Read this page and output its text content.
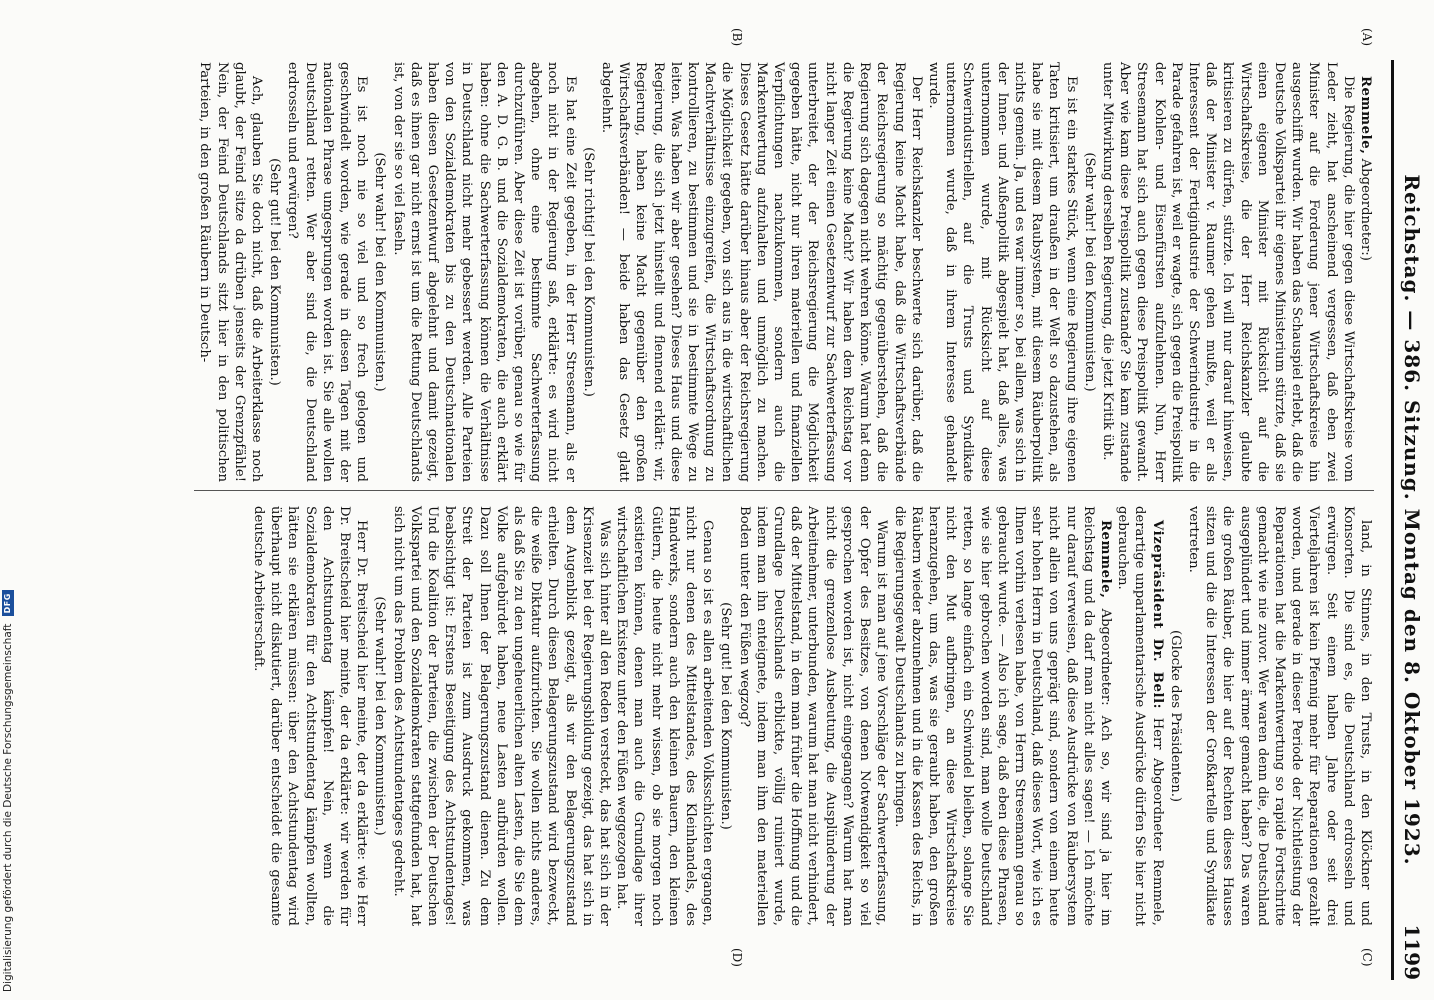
Reichstag. — 386. Sitzung. Montag den 8. Oktober 1923.
1199
(A)
(B)
(C)
(D)

Remmele, Abgeordneter:)

Die Regierung, die hier gegen diese Wirtschaftskreise vom Leder zieht, hat anscheinend vergessen, daß eben zwei Minister auf die Forderung jener Wirtschaftskreise hin ausgeschifft wurden. Wir haben das Schauspiel erlebt, daß die Deutsche Volkspartei ihr eigenes Ministerium stürzte, daß sie einen eigenen Minister mit Rücksicht auf die Wirtschaftskreise, die der Herr Reichskanzler glaubte kritisieren zu dürfen, stürzte. Ich will nur darauf hinweisen, daß der Minister v. Raumer gehen mußte, weil er als Interessent der Fertigindustrie der Schwerindustrie in die Parade gefahren ist, weil er wagte, sich gegen die Preispolitik der Kohlen- und Eisenfürsten aufzulehnen. Nun, Herr Stresemann hat sich auch gegen diese Preispolitik gewandt. Aber wie kam diese Preispolitik zustande? Sie kam zustande unter Mitwirkung derselben Regierung, die jetzt Kritik übt.

(Sehr wahr! bei den Kommunisten.)

Es ist ein starkes Stück, wenn eine Regierung ihre eigenen Taten kritisiert, um draußen in der Welt so dazustehen, als habe sie mit diesem Raubsystem, mit diesem Räuberpolitik nichts gemein. Ja, und es war immer so, bei allem, was sich in der Innen- und Außenpolitik abgespielt hat, daß alles, was unternommen wurde, mit Rücksicht auf diese Schwerindustriellen, auf die Trusts und Syndikate unternommen wurde, daß in ihrem Interesse gehandelt wurde.

Der Herr Reichskanzler beschwerte sich darüber, daß die Regierung keine Macht habe, daß die Wirtschaftsverbände der Reichsregierung so mächtig gegenüberstehen, daß die Regierung sich dagegen nicht wehren könne. Warum hat denn die Regierung keine Macht? Wir haben dem Reichstag vor nicht langer Zeit einen Gesetzentwurf zur Sachwerterfassung unterbreitet, der der Reichsregierung die Möglichkeit gegeben hätte, nicht nur ihren materiellen und finanziellen Verpflichtungen nachzukommen, sondern auch die Markentwertung aufzuhalten und unmöglich zu machen. Dieses Gesetz hätte darüber hinaus aber der Reichsregierung die Möglichkeit gegeben, von sich aus in die wirtschaftlichen Machtverhältnisse einzugreifen, die Wirtschaftsordnung zu kontrollieren, zu bestimmen und sie in bestimmte Wege zu leiten. Was haben wir aber gesehen? Dieses Haus und diese Regierung, die sich jetzt hinstellt und flennend erklärt: wir, Regierung, haben keine Macht gegenüber den großen Wirtschaftsverbänden! — beide haben das Gesetz glatt abgelehnt.

(Sehr richtig! bei den Kommunisten.)

Es hat eine Zeit gegeben, in der Herr Stresemann, als er noch nicht in der Regierung saß, erklärte: es wird nicht abgehen, ohne eine bestimmte Sachwerterfassung durchzuführen. Aber diese Zeit ist vorüber, genau so wie für den A. D. G. B. und die Sozialdemokraten, die auch erklärt haben: ohne die Sachwerterfassung können die Verhältnisse in Deutschland nicht mehr gebessert werden. Alle Parteien von den Sozialdemokraten bis zu den Deutschnationalen haben diesen Gesetzentwurf abgelehnt und damit gezeigt, daß es ihnen gar nicht ernst ist um die Rettung Deutschlands ist, von der sie so viel faseln.

(Sehr wahr! bei den Kommunisten.)

Es ist noch nie so viel und so frech gelogen und geschwindelt worden, wie gerade in diesen Tagen mit der nationalen Phrase umgesprungen worden ist. Sie alle wollen Deutschland retten. Wer aber sind die, die Deutschland erdrosseln und erwürgen?

(Sehr gut! bei den Kommunisten.)

Ach, glauben Sie doch nicht, daß die Arbeiterklasse noch glaubt, der Feind sitze da drüben jenseits der Grenzpfähle! Nein, der Feind Deutschlands sitzt hier in den politischen Parteien, in den großen Räubern in Deutsch-

land, in Stinnes, in den Trusts, in den Klöckner und Konsorten. Die sind es, die Deutschland erdrosseln und erwürgen. Seit einem halben Jahre oder seit drei Vierteljahren ist kein Pfennig mehr für Reparationen gezahlt worden, und gerade in dieser Periode der Nichtleistung der Reparationen hat die Markentwertung so rapide Fortschritte gemacht wie nie zuvor. Wer waren denn die, die Deutschland ausgeplündert und immer ärmer gemacht haben? Das waren die großen Räuber, die hier auf der Rechten dieses Hauses sitzen und die die Interessen der Großkartelle und Syndikate vertreten.

(Glocke des Präsidenten.)

Vizepräsident Dr. Bell: Herr Abgeordneter Remmele, derartige unparlamentarische Ausdrücke dürfen Sie hier nicht gebrauchen.

Remmele, Abgeordneter: Ach so, wir sind ja hier im Reichstag und da darf man nicht alles sagen! — Ich möchte nur darauf verweisen, daß diese Ausdrücke von Räubersystem nicht allein von uns geprägt sind, sondern von einem heute sehr hohen Herrn in Deutschland, daß dieses Wort, wie ich es Ihnen vorhin verlesen habe, von Herrn Stresemann genau so gebraucht wurde. — Also ich sage, daß eben diese Phrasen, wie sie hier gebrochen worden sind, man wolle Deutschland retten, so lange einfach ein Schwindel bleiben, solange Sie nicht den Mut aufbringen, an diese Wirtschaftskreise heranzugehen, um das, was sie geraubt haben, den großen Räubern wieder abzunehmen und in die Kassen des Reichs, in die Regierungsgewalt Deutschlands zu bringen.

Warum ist man auf jene Vorschläge der Sachwerterfassung, der Opfer des Besitzes, von denen Notwendigkeit so viel gesprochen worden ist, nicht eingegangen? Warum hat man nicht die grenzenlose Ausbeutung, die Ausplünderung der Arbeitnehmer, unterbunden, warum hat man nicht verhindert, daß der Mittelstand, in dem man früher die Hoffnung und die Grundlage Deutschlands erblickte, völlig ruiniert wurde, indem man ihn enteignete, indem man ihm den materiellen Boden unter den Füßen wegzog?

(Sehr gut! bei den Kommunisten.)

Genau so ist es allen arbeitenden Volksschichten ergangen, nicht nur denen des Mittelstandes, des Kleinhandels, des Handwerks, sondern auch den kleinen Bauern, den kleinen Gütlern, die heute nicht mehr wissen, ob sie morgen noch existieren können, denen man auch die Grundlage ihrer wirtschaftlichen Existenz unter den Füßen weggezogen hat.

Was sich hinter all den Reden versteckt, das hat sich in der Krisenzeit bei der Regierungsbildung gezeigt, das hat sich in dem Augenblick gezeigt, als wir den Belagerungszustand erhielten. Durch diesen Belagerungszustand wird bezweckt, die weiße Diktatur aufzurichten. Sie wollen nichts anderes, als daß Sie zu den ungeheuerlichen alten Lasten, die Sie dem Volke aufgebürdet haben, neue Lasten aufbürden wollen. Dazu soll Ihnen der Belagerungszustand dienen. Zu dem Streit der Parteien ist zum Ausdruck gekommen, was beabsichtigt ist: Erstens Beseitigung des Achtstundentages! Und die Koalition der Parteien, die zwischen der Deutschen Volkspartei und den Sozialdemokraten stattgefunden hat, hat sich nicht um das Problem des Achtstundentages gedreht.

(Sehr wahr! bei den Kommunisten.)

Herr Dr. Breitscheid hier meinte, der da erklärte: wie Herr Dr. Breitscheid hier meinte, der da erklärte: wir werden für den Achtstundentag kämpfen! Nein, wenn die Sozialdemokraten für den Achtstundentag kämpfen wollten, hätten sie erklären müssen: über den Achtstundentag wird überhaupt nicht diskutiert, darüber entscheidet die gesamte deutsche Arbeiterschaft.

Digitalisierung gefördert durch die Deutsche Forschungsgemeinschaft DFG
